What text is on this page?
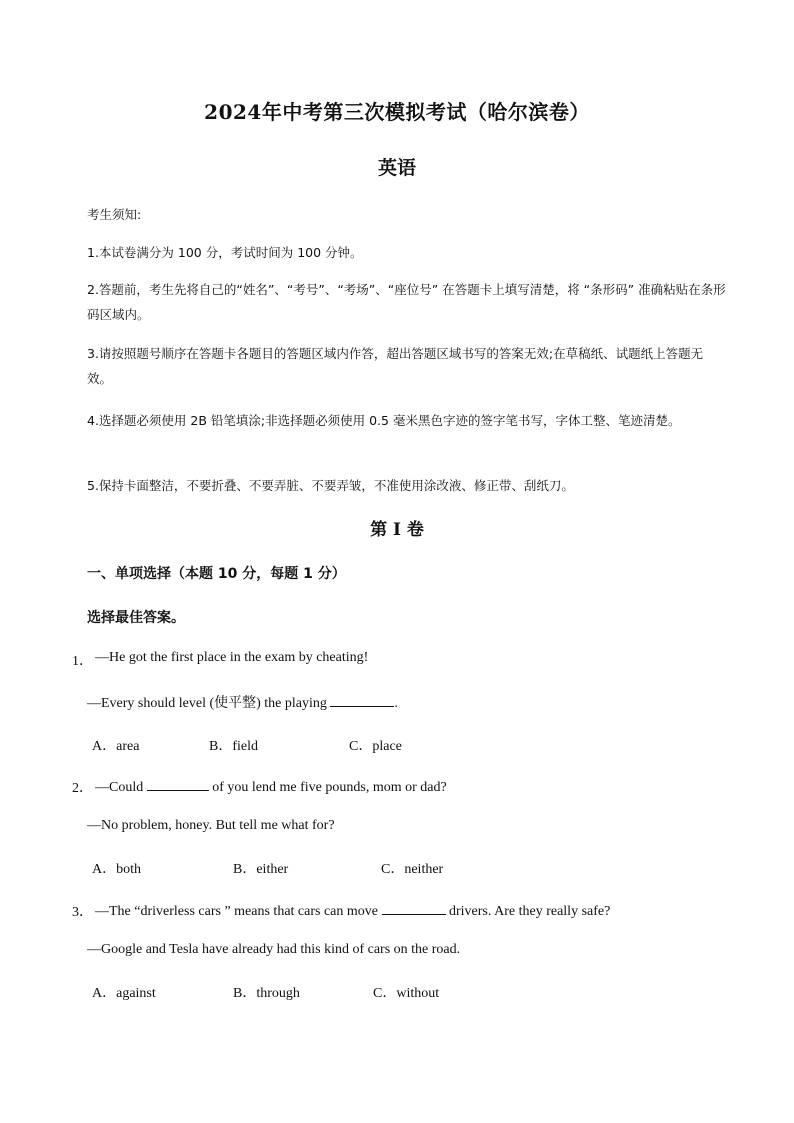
2024年中考第三次模拟考试（哈尔滨卷）
英语
考生须知:
1.本试卷满分为 100 分，考试时间为 100 分钟。
2.答题前，考生先将自己的“姓名”、“考号”、“考场”、“座位号” 在答题卡上填写清楚，将 “条形码” 准确粘贴在条形码区域内。
3.请按照题号顺序在答题卡各题目的答题区域内作答，超出答题区域书写的答案无效;在草稿纸、试题纸上答题无效。
4.选择题必须使用 2B 铅笔填涂;非选择题必须使用 0.5 毫米黑色字迹的签字笔书写，字体工整、笔迹清楚。
5.保持卡面整洁，不要折叠、不要弄脏、不要弄皱，不准使用涂改液、修正带、刮纸刀。
第 I 卷
一、单项选择（本题 10 分，每题 1 分）
选择最佳答案。
1． —He got the first place in the exam by cheating!
—Every should level (使平整) the playing	.
A．area	B．field	C．place
2． —Could	of you lend me five pounds, mom or dad?
—No problem, honey. But tell me what for?
A．both	B．either	C．neither
3． —The “driverless cars ” means that cars can move	drivers. Are they really safe?
—Google and Tesla have already had this kind of cars on the road.
A．against	B．through	C．without
